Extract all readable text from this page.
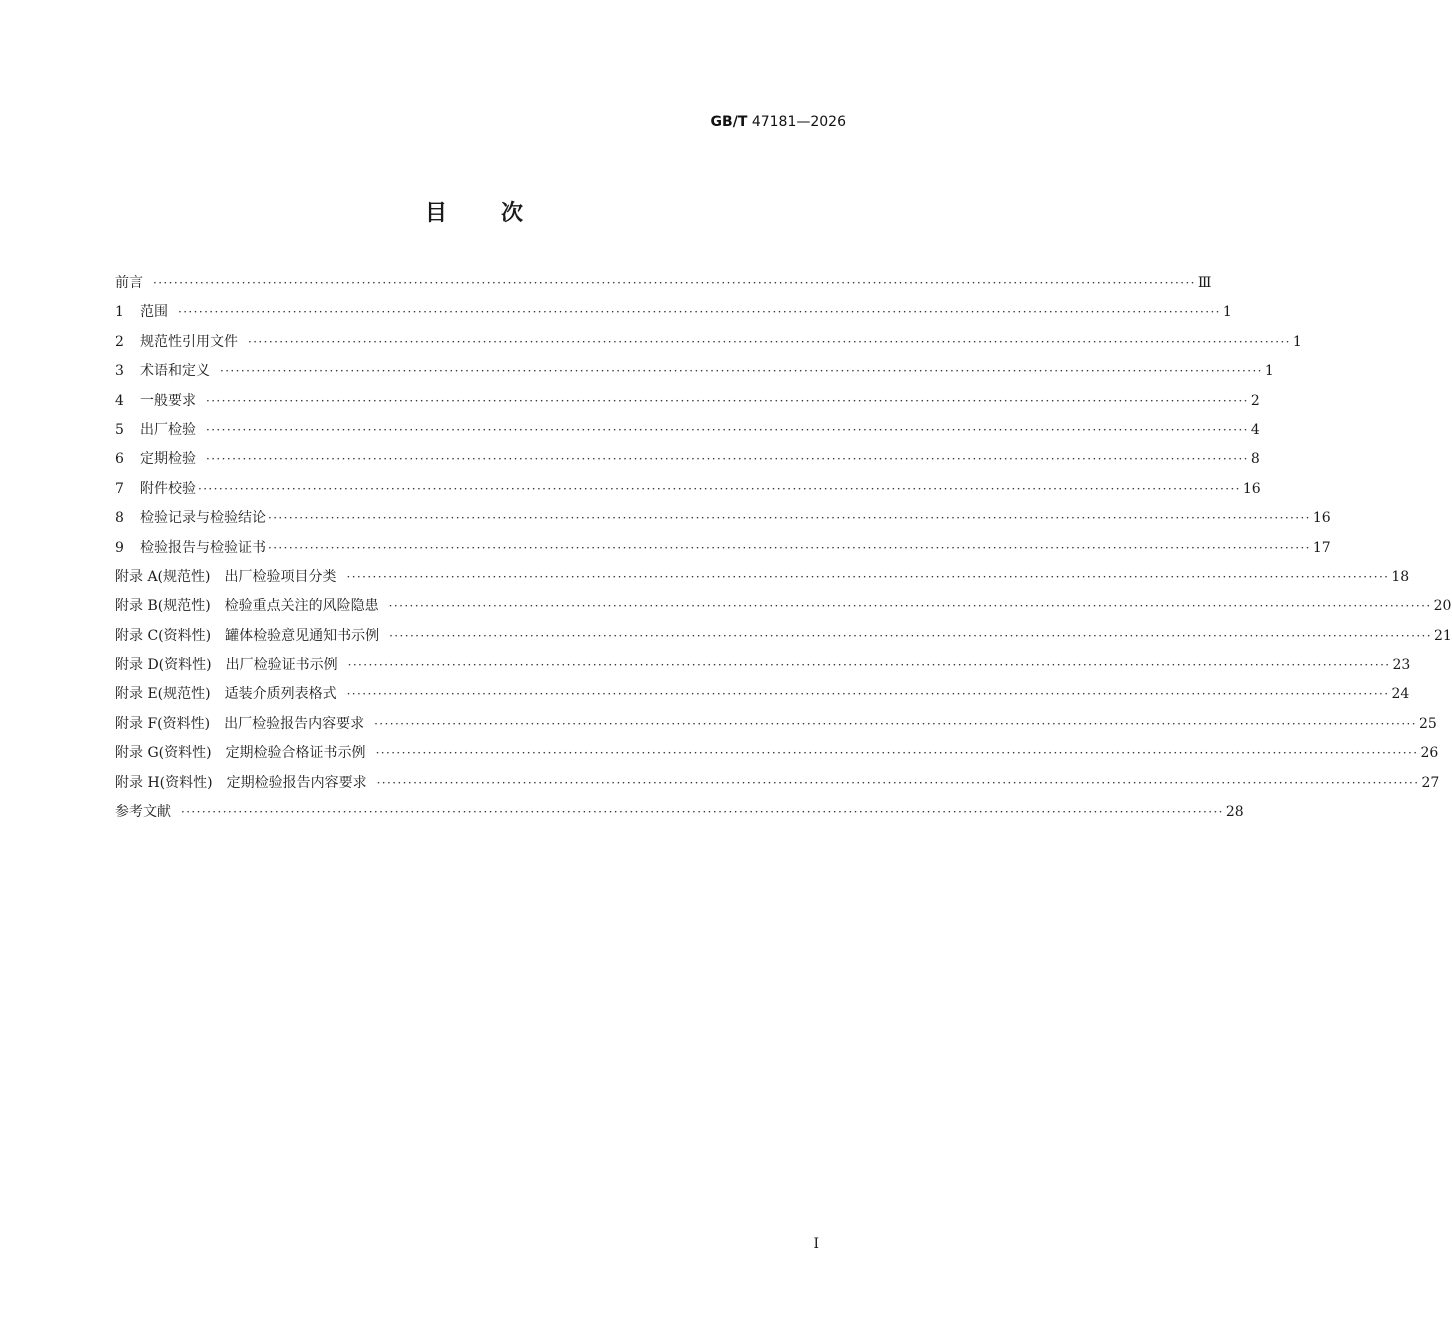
GB/T 47181—2026
目 次
前言 ········································································································································································································ Ⅲ
1 范围 ········································································································································································································ 1
2 规范性引用文件 ········································································································································································································ 1
3 术语和定义 ········································································································································································································ 1
4 一般要求 ········································································································································································································ 2
5 出厂检验 ········································································································································································································ 4
6 定期检验 ········································································································································································································ 8
7 附件校验 ········································································································································································································ 16
8 检验记录与检验结论 ········································································································································································································ 16
9 检验报告与检验证书 ········································································································································································································ 17
附录 A(规范性) 出厂检验项目分类 ········································································································································································································ 18
附录 B(规范性) 检验重点关注的风险隐患 ········································································································································································································ 20
附录 C(资料性) 罐体检验意见通知书示例 ········································································································································································································ 21
附录 D(资料性) 出厂检验证书示例 ········································································································································································································ 23
附录 E(规范性) 适装介质列表格式 ········································································································································································································ 24
附录 F(资料性) 出厂检验报告内容要求 ········································································································································································································ 25
附录 G(资料性) 定期检验合格证书示例 ········································································································································································································ 26
附录 H(资料性) 定期检验报告内容要求 ········································································································································································································ 27
参考文献 ········································································································································································································ 28
I
